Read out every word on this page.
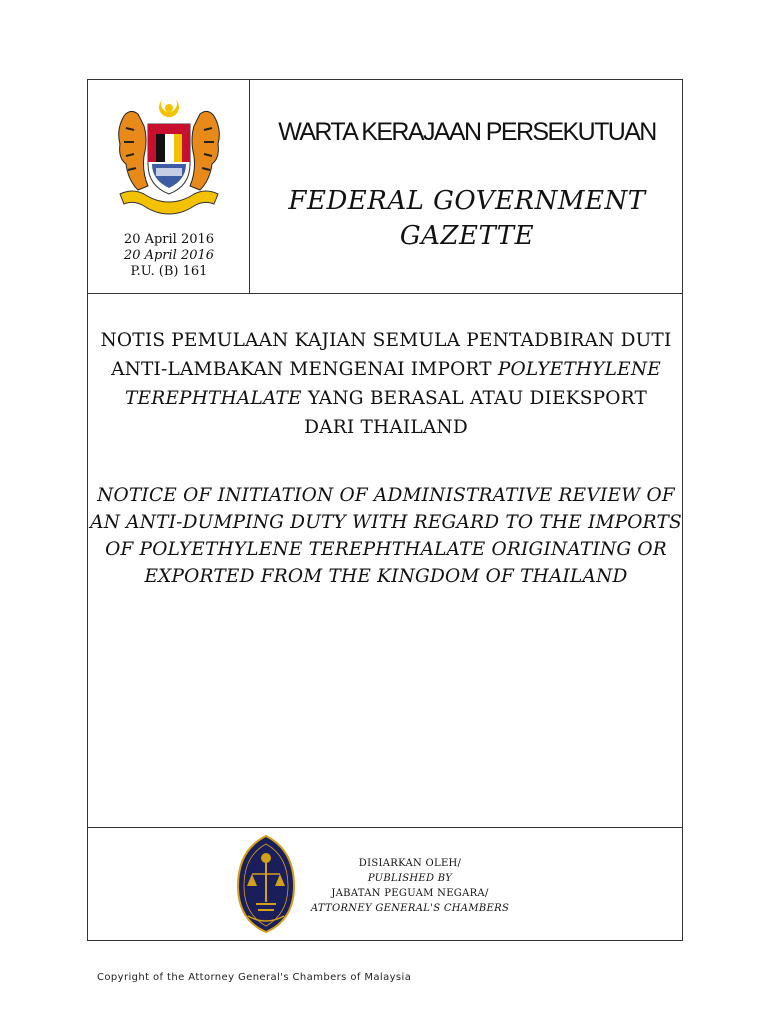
20 April 2016
20 April 2016
P.U. (B) 161
WARTA KERAJAAN PERSEKUTUAN
FEDERAL GOVERNMENT
GAZETTE
NOTIS PEMULAAN KAJIAN SEMULA PENTADBIRAN DUTI
ANTI-LAMBAKAN MENGENAI IMPORT POLYETHYLENE
TEREPHTHALATE YANG BERASAL ATAU DIEKSPORT
DARI THAILAND
NOTICE OF INITIATION OF ADMINISTRATIVE REVIEW OF
AN ANTI-DUMPING DUTY WITH REGARD TO THE IMPORTS
OF POLYETHYLENE TEREPHTHALATE ORIGINATING OR
EXPORTED FROM THE KINGDOM OF THAILAND
DISIARKAN OLEH/
PUBLISHED BY
JABATAN PEGUAM NEGARA/
ATTORNEY GENERAL'S CHAMBERS
Copyright of the Attorney General's Chambers of Malaysia
